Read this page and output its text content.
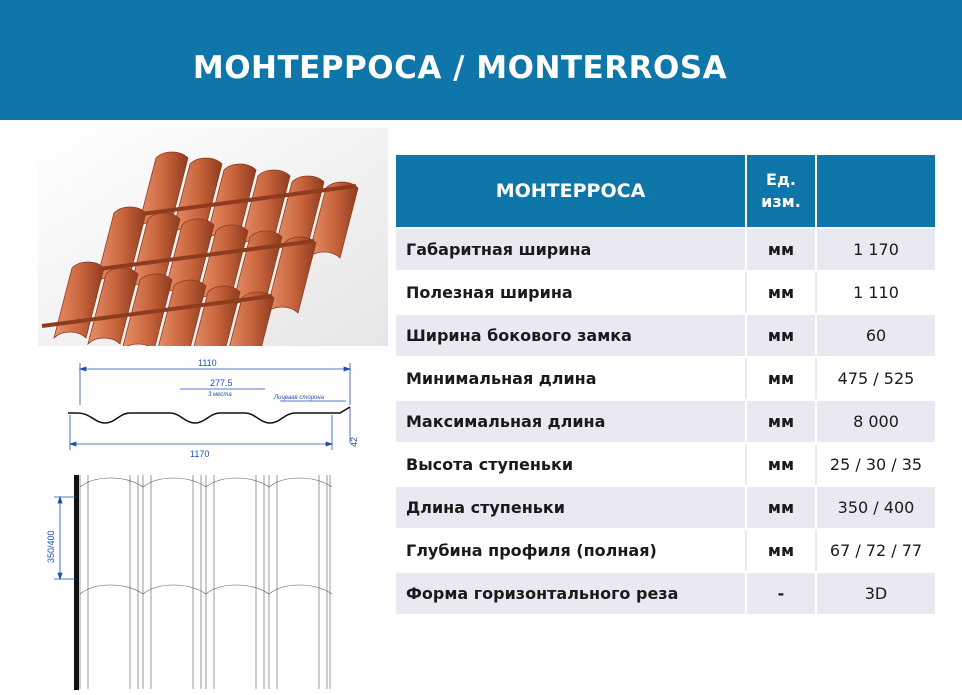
МОНТЕРРОСА / MONTERROSA
1110
277.5
3 места	Лицевая сторона
1170
42
350/400
МОНТЕРРОСА	Ед.
изм.	
Габаритная ширина	мм	1 170
Полезная ширина	мм	1 110
Ширина бокового замка	мм	60
Минимальная длина	мм	475 / 525
Максимальная длина	мм	8 000
Высота ступеньки	мм	25 / 30 / 35
Длина ступеньки	мм	350 / 400
Глубина профиля (полная)	мм	67 / 72 / 77
Форма горизонтального реза	-	3D
